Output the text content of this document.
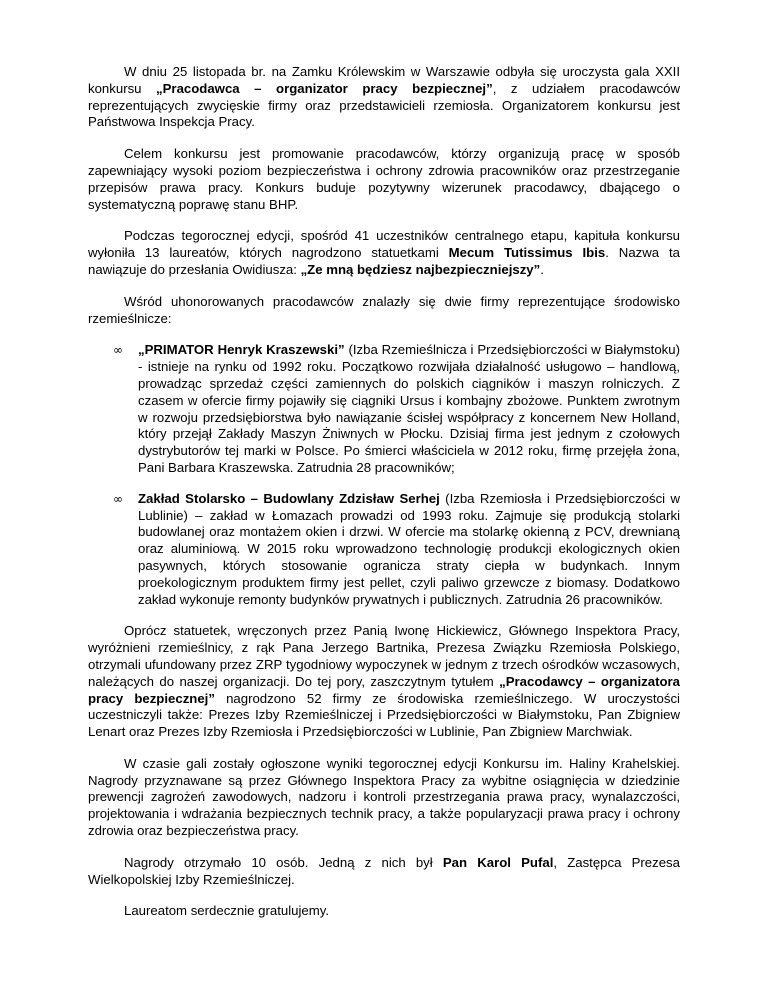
W dniu 25 listopada br. na Zamku Królewskim w Warszawie odbyła się uroczysta gala XXII konkursu „Pracodawca – organizator pracy bezpiecznej”, z udziałem pracodawców reprezentujących zwycięskie firmy oraz przedstawicieli rzemiosła. Organizatorem konkursu jest Państwowa Inspekcja Pracy.

Celem konkursu jest promowanie pracodawców, którzy organizują pracę w sposób zapewniający wysoki poziom bezpieczeństwa i ochrony zdrowia pracowników oraz przestrzeganie przepisów prawa pracy. Konkurs buduje pozytywny wizerunek pracodawcy, dbającego o systematyczną poprawę stanu BHP.

Podczas tegorocznej edycji, spośród 41 uczestników centralnego etapu, kapituła konkursu wyłoniła 13 laureatów, których nagrodzono statuetkami Mecum Tutissimus Ibis. Nazwa ta nawiązuje do przesłania Owidiusza: „Ze mną będziesz najbezpieczniejszy”.

Wśród uhonorowanych pracodawców znalazły się dwie firmy reprezentujące środowisko rzemieślnicze:

∞ „PRIMATOR Henryk Kraszewski” (Izba Rzemieślnicza i Przedsiębiorczości w Białymstoku) - istnieje na rynku od 1992 roku. Początkowo rozwijała działalność usługowo – handlową, prowadząc sprzedaż części zamiennych do polskich ciągników i maszyn rolniczych. Z czasem w ofercie firmy pojawiły się ciągniki Ursus i kombajny zbożowe. Punktem zwrotnym w rozwoju przedsiębiorstwa było nawiązanie ścisłej współpracy z koncernem New Holland, który przejął Zakłady Maszyn Żniwnych w Płocku. Dzisiaj firma jest jednym z czołowych dystrybutorów tej marki w Polsce. Po śmierci właściciela w 2012 roku, firmę przejęła żona, Pani Barbara Kraszewska. Zatrudnia 28 pracowników;
∞ Zakład Stolarsko – Budowlany Zdzisław Serhej (Izba Rzemiosła i Przedsiębiorczości w Lublinie) – zakład w Łomazach prowadzi od 1993 roku. Zajmuje się produkcją stolarki budowlanej oraz montażem okien i drzwi. W ofercie ma stolarkę okienną z PCV, drewnianą oraz aluminiową. W 2015 roku wprowadzono technologię produkcji ekologicznych okien pasywnych, których stosowanie ogranicza straty ciepła w budynkach. Innym proekologicznym produktem firmy jest pellet, czyli paliwo grzewcze z biomasy. Dodatkowo zakład wykonuje remonty budynków prywatnych i publicznych. Zatrudnia 26 pracowników.

Oprócz statuetek, wręczonych przez Panią Iwonę Hickiewicz, Głównego Inspektora Pracy, wyróżnieni rzemieślnicy, z rąk Pana Jerzego Bartnika, Prezesa Związku Rzemiosła Polskiego, otrzymali ufundowany przez ZRP tygodniowy wypoczynek w jednym z trzech ośrodków wczasowych, należących do naszej organizacji. Do tej pory, zaszczytnym tytułem „Pracodawcy – organizatora pracy bezpiecznej” nagrodzono 52 firmy ze środowiska rzemieślniczego. W uroczystości uczestniczyli także: Prezes Izby Rzemieślniczej i Przedsiębiorczości w Białymstoku, Pan Zbigniew Lenart oraz Prezes Izby Rzemiosła i Przedsiębiorczości w Lublinie, Pan Zbigniew Marchwiak.

W czasie gali zostały ogłoszone wyniki tegorocznej edycji Konkursu im. Haliny Krahelskiej. Nagrody przyznawane są przez Głównego Inspektora Pracy za wybitne osiągnięcia w dziedzinie prewencji zagrożeń zawodowych, nadzoru i kontroli przestrzegania prawa pracy, wynalazczości, projektowania i wdrażania bezpiecznych technik pracy, a także popularyzacji prawa pracy i ochrony zdrowia oraz bezpieczeństwa pracy.

Nagrody otrzymało 10 osób. Jedną z nich był Pan Karol Pufal, Zastępca Prezesa Wielkopolskiej Izby Rzemieślniczej.

Laureatom serdecznie gratulujemy.
